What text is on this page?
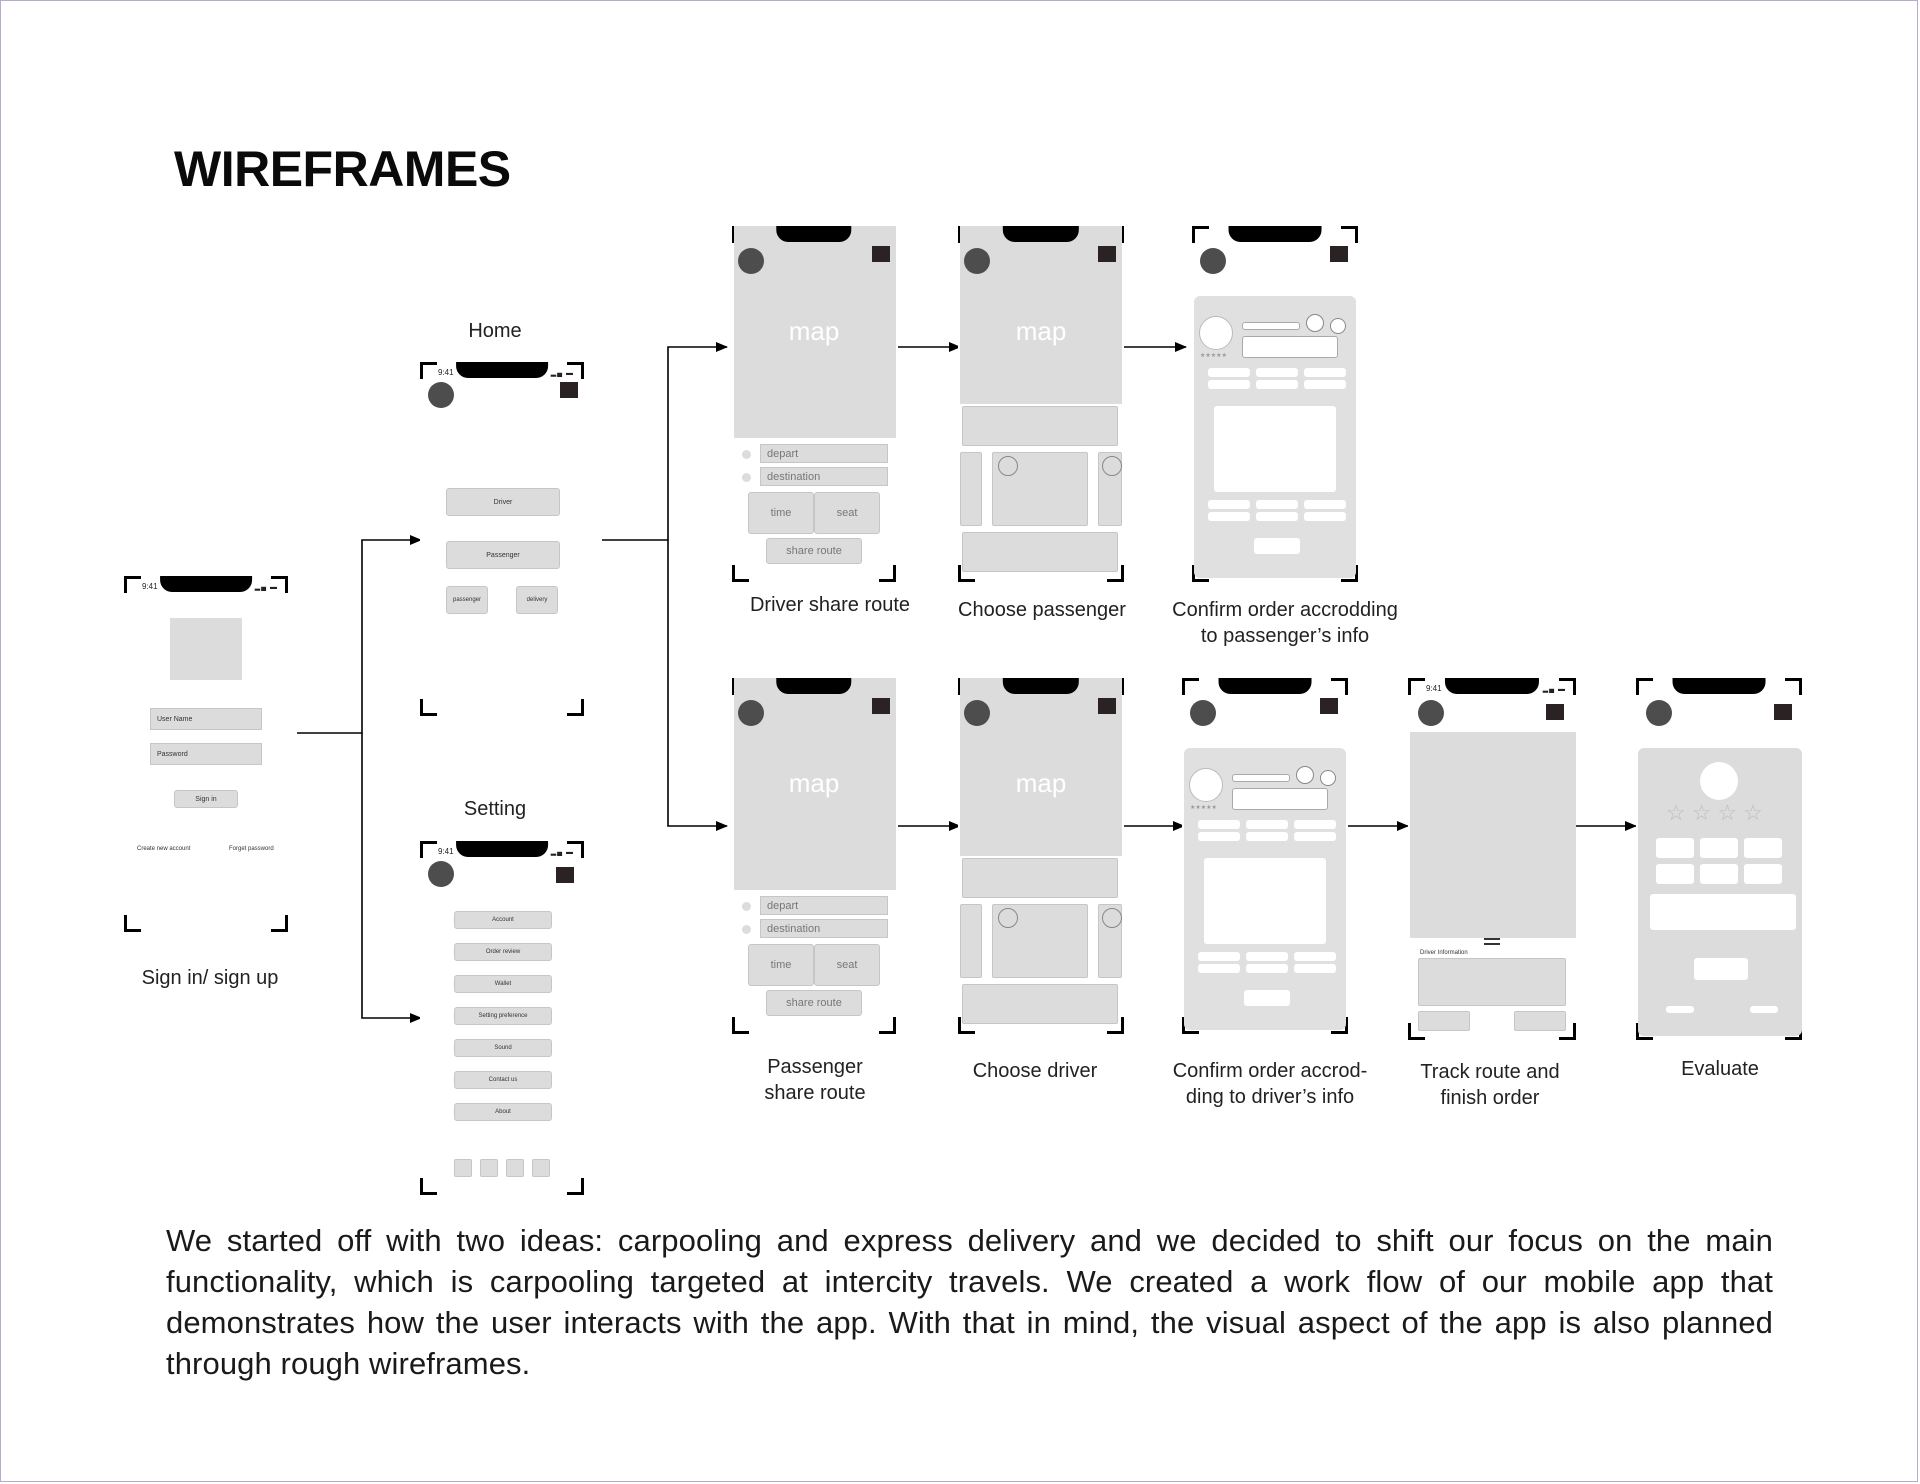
WIREFRAMES
9:41	▂▄ ▬
User Name
Password
Sign in
Create new account	Forget password
Sign in/ sign up
Home
9:41	▂▄ ▬
Driver
Passenger
passenger	delivery
Setting
9:41	▂▄ ▬
Account
Order review
Wallet
Setting preference
Sound
Contact us
About
map
depart
destination
time	seat
share route
Driver share route
map
Choose passenger
★★★★★
Confirm order accrodding
to passenger’s info
map
depart
destination
time	seat
share route
Passenger
share route
map
Choose driver
★★★★★
Confirm order accrod-
ding to driver’s info
9:41	▂▄ ▬
Driver Information
Track route and
finish order
☆☆☆☆
Evaluate
We started off with two ideas: carpooling and express delivery and we decided to shift our focus on the main functionality, which is carpooling targeted at intercity travels. We created a work flow of our mobile app that demonstrates how the user interacts with the app. With that in mind, the visual aspect of the app is also planned through rough wireframes.
